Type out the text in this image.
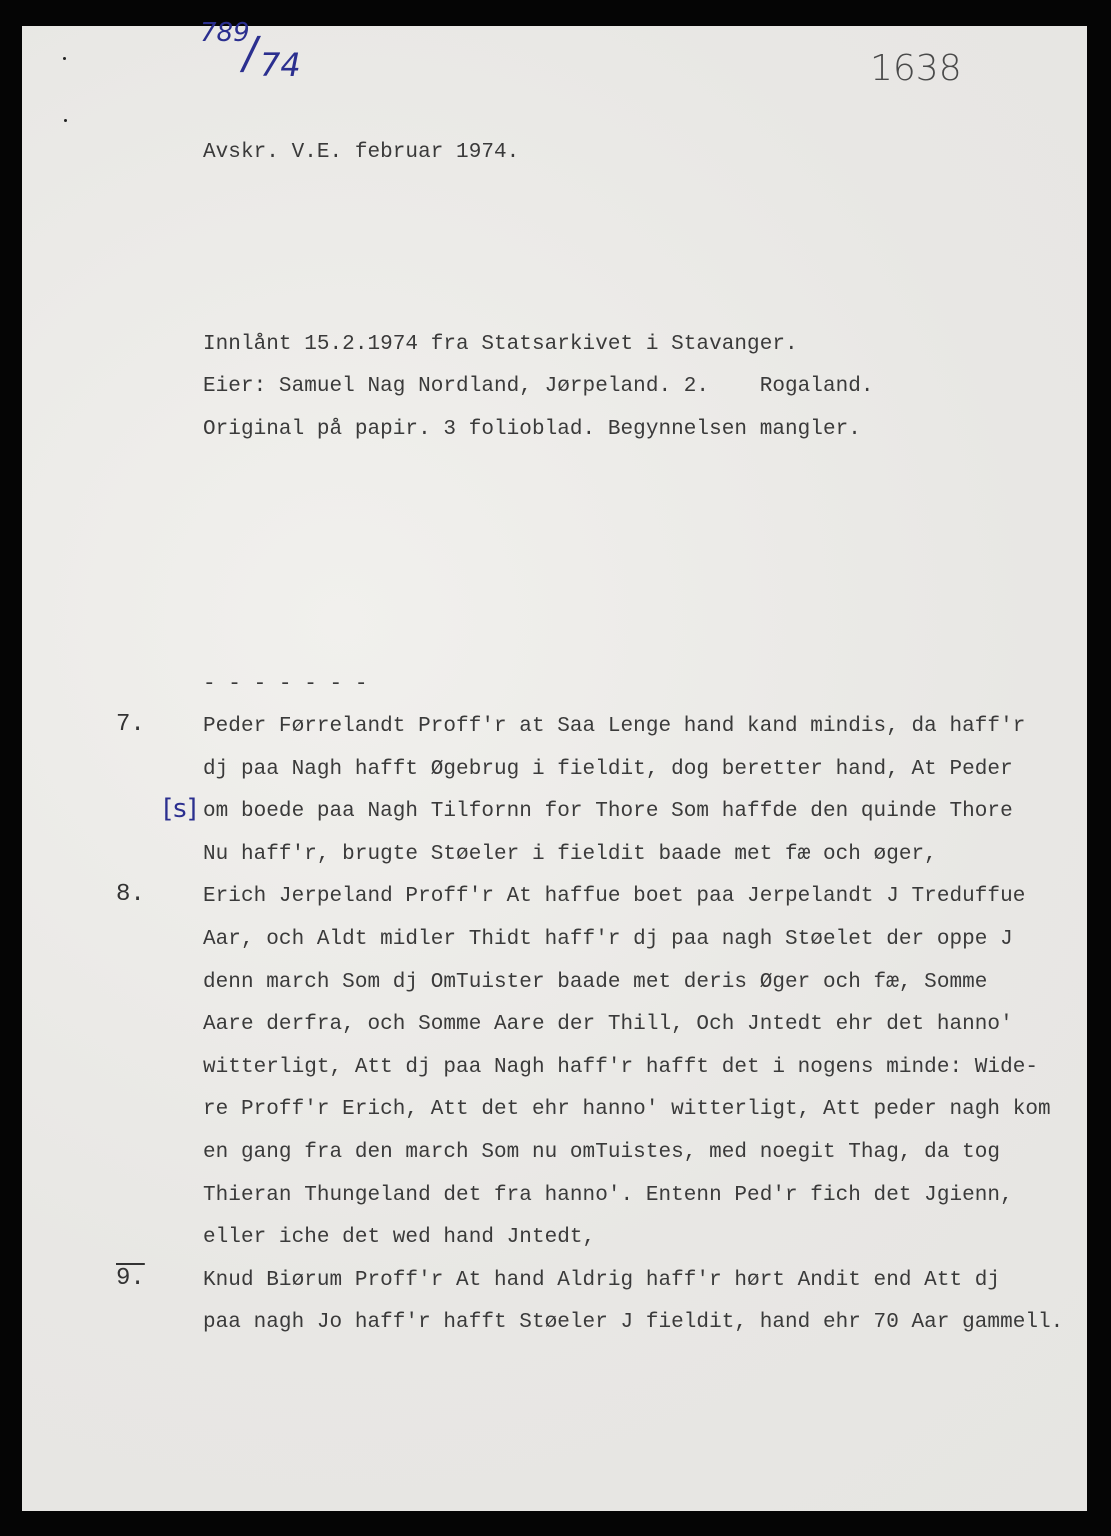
789
/
74	1638
Avskr. V.E. februar 1974.
Innlånt 15.2.1974 fra Statsarkivet i Stavanger.
Eier: Samuel Nag Nordland, Jørpeland. 2.    Rogaland.
Original på papir. 3 folioblad. Begynnelsen mangler.
- - - - - - -
7.	Peder Førrelandt Proff'r at Saa Lenge hand kand mindis, da haff'r
dj paa Nagh hafft Øgebrug i fieldit, dog beretter hand, At Peder
om boede paa Nagh Tilfornn for Thore Som haffde den quinde Thore
[s]
Nu haff'r, brugte Støeler i fieldit baade met fæ och øger,
8.	Erich Jerpeland Proff'r At haffue boet paa Jerpelandt J Treduffue
Aar, och Aldt midler Thidt haff'r dj paa nagh Støelet der oppe J
denn march Som dj OmTuister baade met deris Øger och fæ, Somme
Aare derfra, och Somme Aare der Thill, Och Jntedt ehr det hanno'
witterligt, Att dj paa Nagh haff'r hafft det i nogens minde: Wide-
re Proff'r Erich, Att det ehr hanno' witterligt, Att peder nagh kom
en gang fra den march Som nu omTuistes, med noegit Thag, da tog
Thieran Thungeland det fra hanno'. Entenn Ped'r fich det Jgienn,
eller iche det wed hand Jntedt,
9.	Knud Biørum Proff'r At hand Aldrig haff'r hørt Andit end Att dj
paa nagh Jo haff'r hafft Støeler J fieldit, hand ehr 70 Aar gammell.
